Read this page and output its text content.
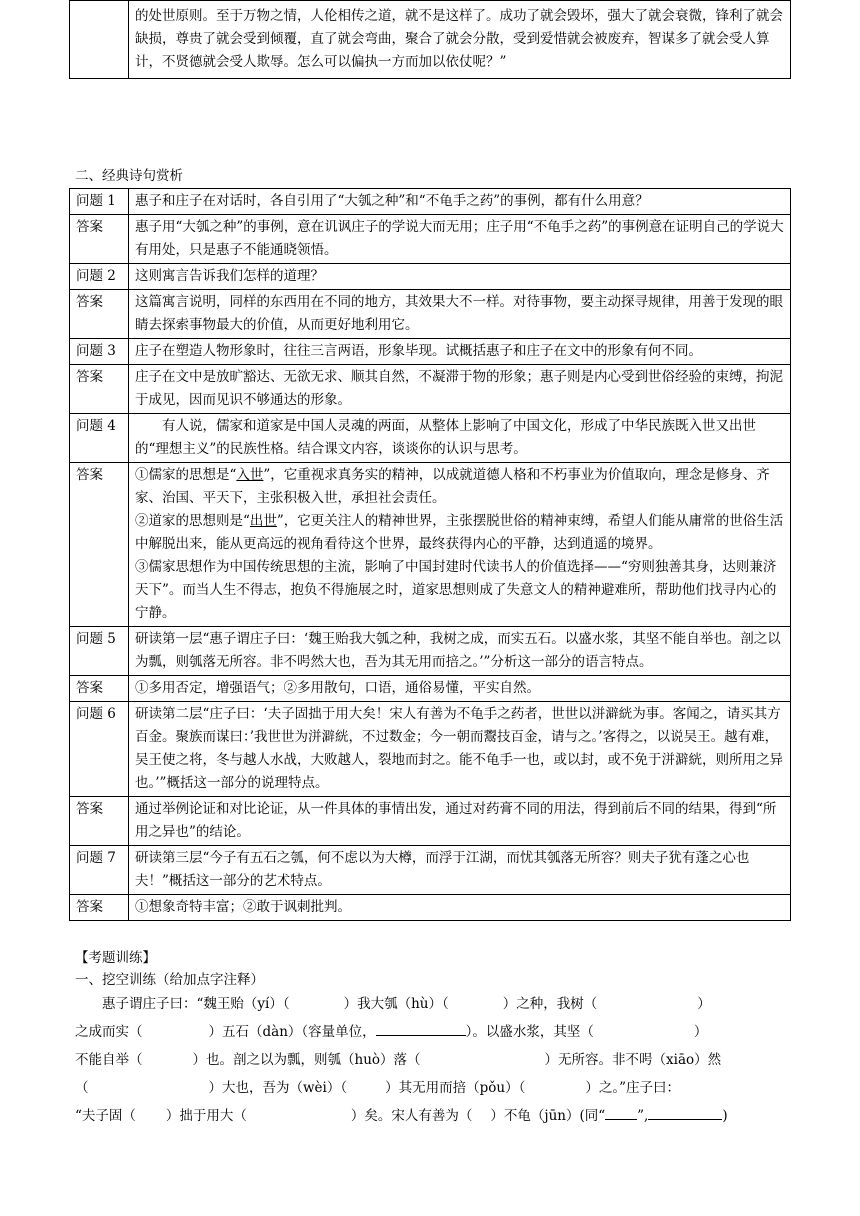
	的处世原则。至于万物之情，人伦相传之道，就不是这样了。成功了就会毁坏，强大了就会衰微，锋利了就会缺损，尊贵了就会受到倾覆，直了就会弯曲，聚合了就会分散，受到爱惜就会被废弃，智谋多了就会受人算计，不贤德就会受人欺辱。怎么可以偏执一方而加以依仗呢？”
二、经典诗句赏析
问题 1	惠子和庄子在对话时，各自引用了“大瓠之种”和“不龟手之药”的事例，都有什么用意？
答案	惠子用“大瓠之种”的事例，意在讥讽庄子的学说大而无用；庄子用“不龟手之药”的事例意在证明自己的学说大有用处，只是惠子不能通晓领悟。
问题 2	这则寓言告诉我们怎样的道理？
答案	这篇寓言说明，同样的东西用在不同的地方，其效果大不一样。对待事物，要主动探寻规律，用善于发现的眼睛去探索事物最大的价值，从而更好地利用它。
问题 3	庄子在塑造人物形象时，往往三言两语，形象毕现。试概括惠子和庄子在文中的形象有何不同。
答案	庄子在文中是放旷豁达、无欲无求、顺其自然，不凝滞于物的形象；惠子则是内心受到世俗经验的束缚，拘泥于成见，因而见识不够通达的形象。
问题 4	有人说，儒家和道家是中国人灵魂的两面，从整体上影响了中国文化，形成了中华民族既入世又出世的“理想主义”的民族性格。结合课文内容，谈谈你的认识与思考。
答案	①儒家的思想是“入世”，它重视求真务实的精神，以成就道德人格和不朽事业为价值取向，理念是修身、齐家、治国、平天下，主张积极入世，承担社会责任。

②道家的思想则是“出世”，它更关注人的精神世界，主张摆脱世俗的精神束缚，希望人们能从庸常的世俗生活中解脱出来，能从更高远的视角看待这个世界，最终获得内心的平静，达到逍遥的境界。

③儒家思想作为中国传统思想的主流，影响了中国封建时代读书人的价值选择——“穷则独善其身，达则兼济天下”。而当人生不得志，抱负不得施展之时，道家思想则成了失意文人的精神避难所，帮助他们找寻内心的宁静。

问题 5	研读第一层“惠子谓庄子曰：‘魏王贻我大瓠之种，我树之成，而实五石。以盛水浆，其坚不能自举也。剖之以为瓢，则瓠落无所容。非不呺然大也，吾为其无用而掊之。’”分析这一部分的语言特点。
答案	①多用否定，增强语气；②多用散句，口语，通俗易懂，平实自然。
问题 6	研读第二层“庄子曰：‘夫子固拙于用大矣！宋人有善为不龟手之药者，世世以洴澼絖为事。客闻之，请买其方百金。聚族而谋曰：’我世世为洴澼絖，不过数金；今一朝而鬻技百金，请与之。’客得之，以说吴王。越有难，吴王使之将，冬与越人水战，大败越人，裂地而封之。能不龟手一也，或以封，或不免于洴澼絖，则所用之异也。’”概括这一部分的说理特点。
答案	通过举例论证和对比论证，从一件具体的事情出发，通过对药膏不同的用法，得到前后不同的结果，得到“所用之异也”的结论。
问题 7	研读第三层“今子有五石之瓠，何不虑以为大樽，而浮于江湖，而忧其瓠落无所容？则夫子犹有蓬之心也夫！”概括这一部分的艺术特点。
答案	①想象奇特丰富；②敢于讽刺批判。
【考题训练】
一、挖空训练（给加点字注释）
惠子谓庄子曰：“魏王贻（yí）（	）我大瓠（hù）（	）之种，我树（	）
之成而实（	）五石（dàn）（容量单位，	）。以盛水浆，其坚（	）
不能自举（	）也。剖之以为瓢，则瓠（huò）落（	）无所容。非不呺（xiāo）然
（	）大也，吾为（wèi）（	）其无用而掊（pǒu）（	）之。”庄子曰：
“夫子固（ ）拙于用大（	）矣。宋人有善为（ ）不龟（jūn）(同“ ”,	)
